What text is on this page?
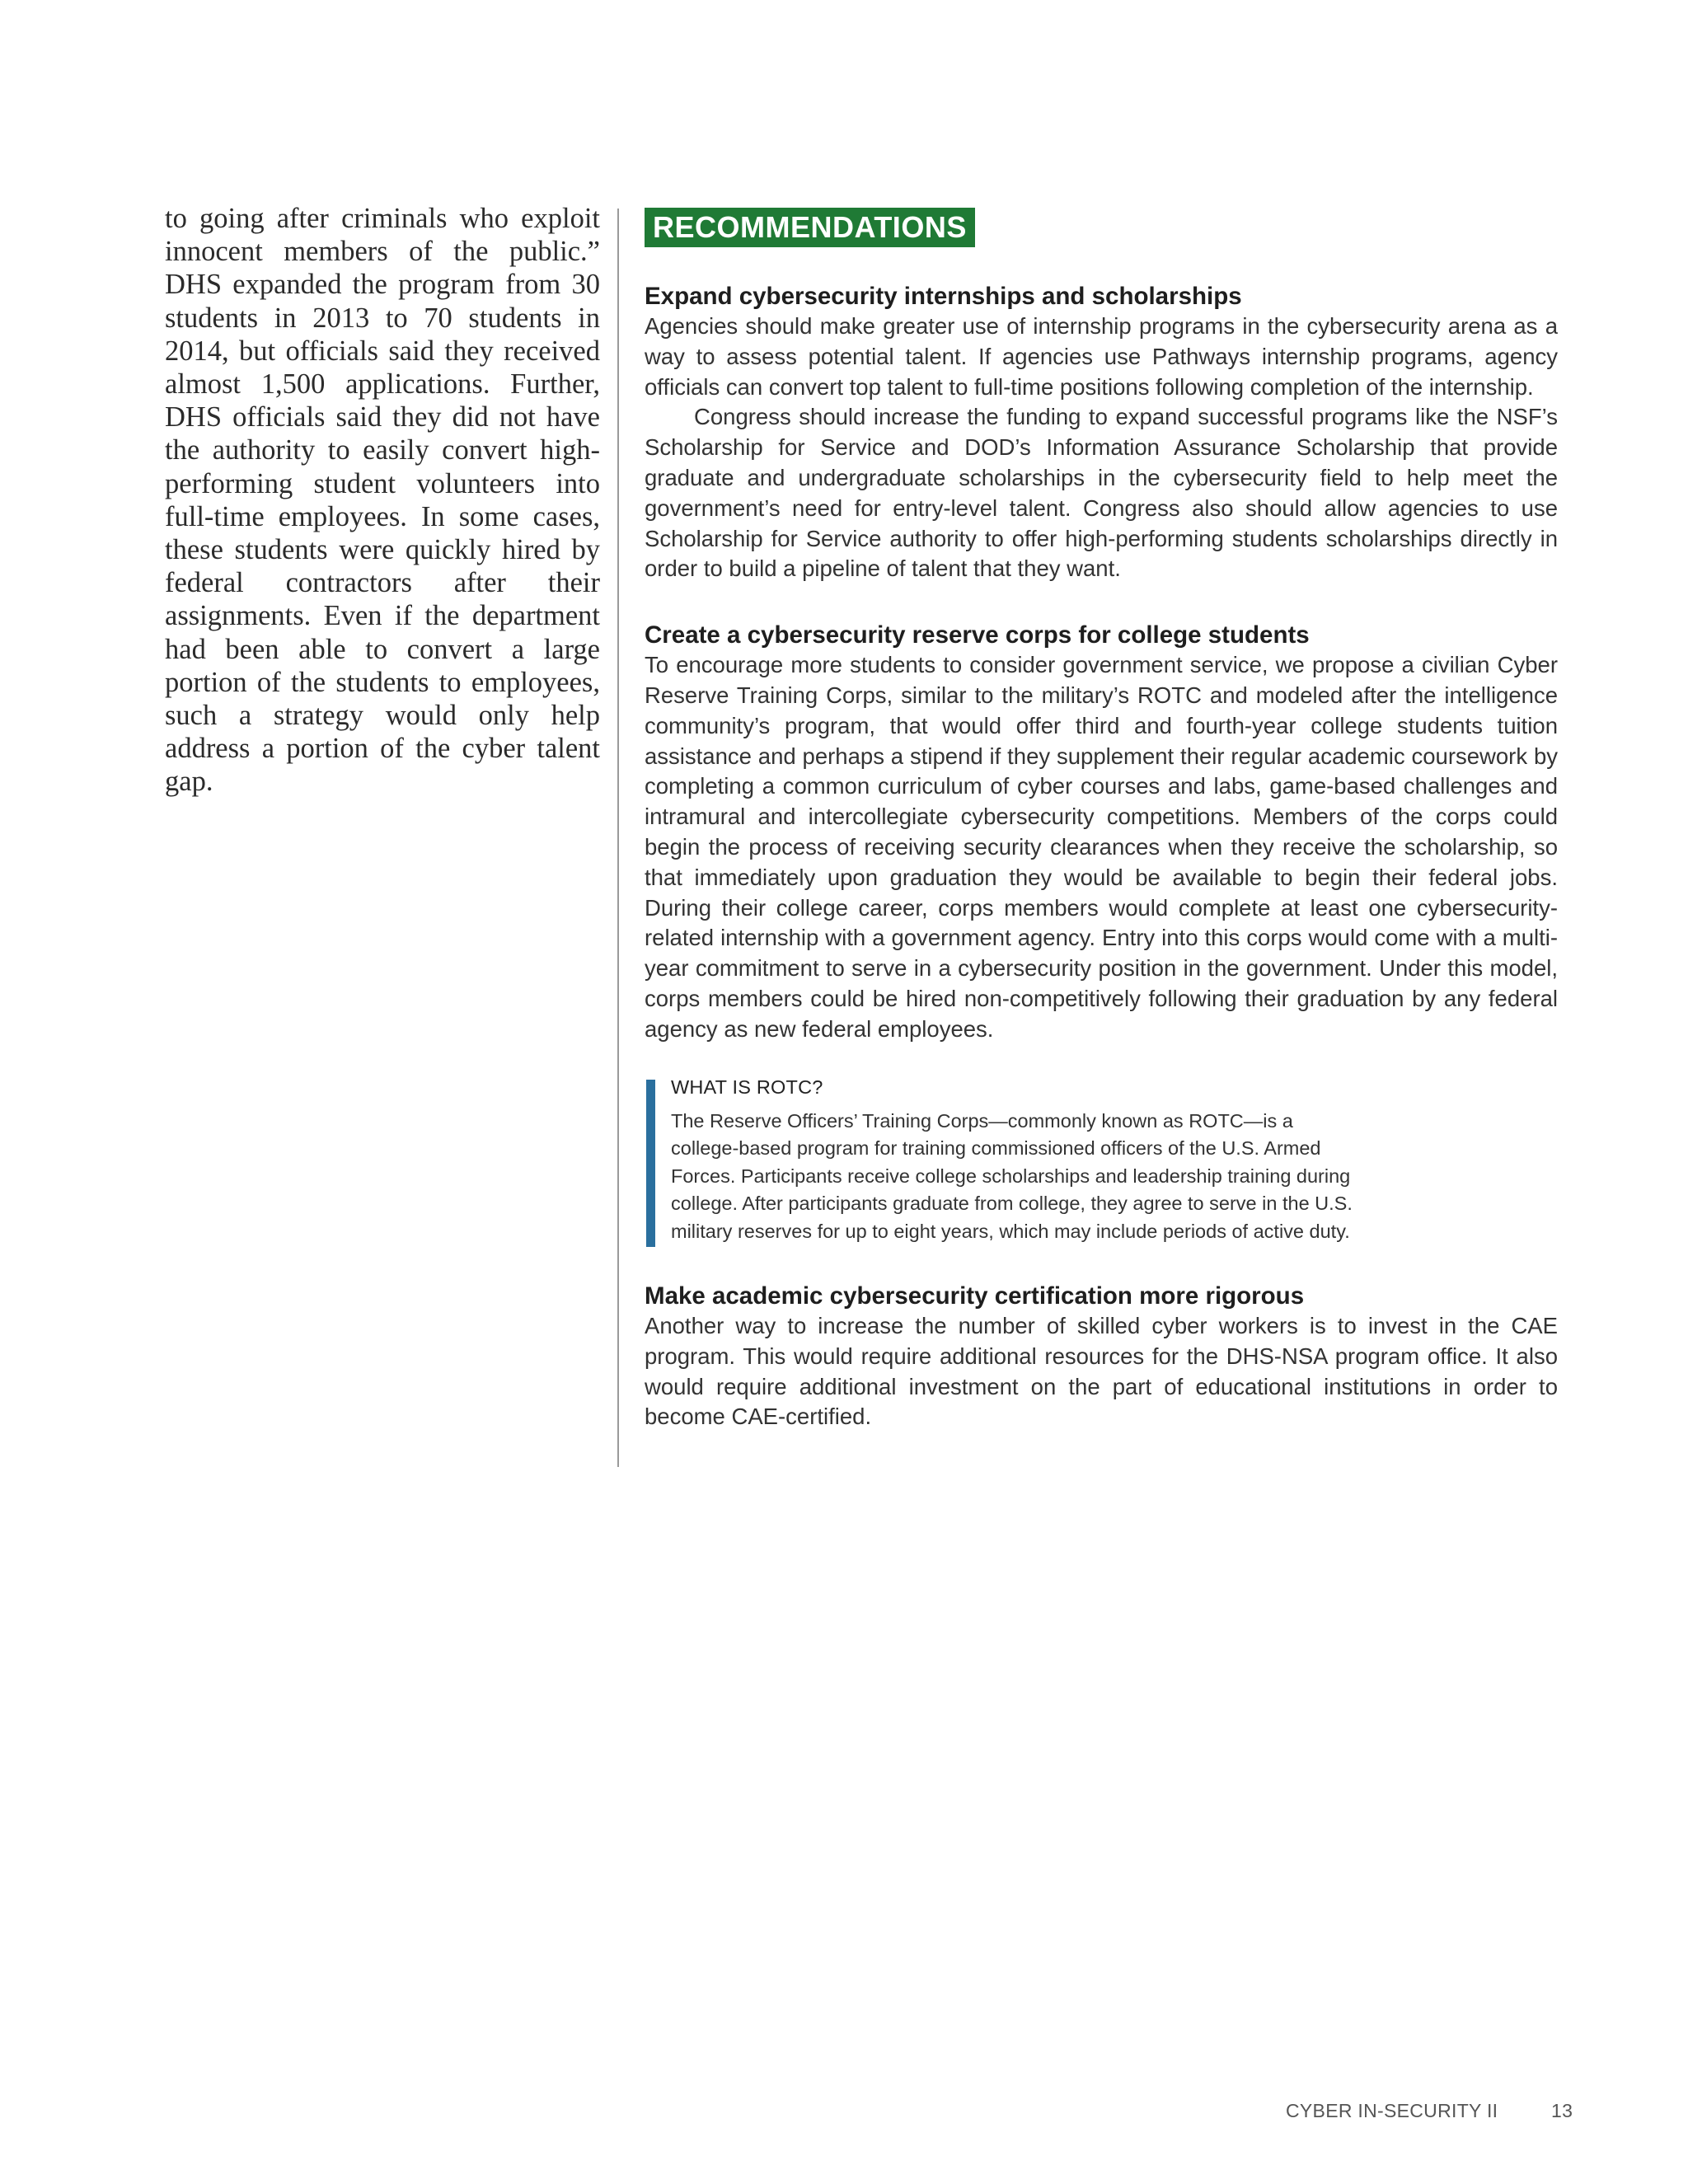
to going after criminals who exploit innocent members of the public.” DHS expanded the program from 30 students in 2013 to 70 students in 2014, but officials said they received almost 1,500 applications. Further, DHS officials said they did not have the authority to easily convert high-performing student volunteers into full-time employees. In some cases, these students were quickly hired by federal contractors after their assignments. Even if the department had been able to convert a large portion of the students to employees, such a strategy would only help address a portion of the cyber talent gap.
RECOMMENDATIONS

Expand cybersecurity internships and scholarships

Agencies should make greater use of internship programs in the cybersecurity arena as a way to assess potential talent. If agencies use Pathways internship programs, agency officials can convert top talent to full-time positions following completion of the internship.

Congress should increase the funding to expand successful programs like the NSF’s Scholarship for Service and DOD’s Information Assurance Scholarship that provide graduate and undergraduate scholarships in the cybersecurity field to help meet the government’s need for entry-level talent. Congress also should allow agencies to use Scholarship for Service authority to offer high-performing students scholarships directly in order to build a pipeline of talent that they want.

Create a cybersecurity reserve corps for college students

To encourage more students to consider government service, we propose a civilian Cyber Reserve Training Corps, similar to the military’s ROTC and modeled after the intelligence community’s program, that would offer third and fourth-year college students tuition assistance and perhaps a stipend if they supplement their regular academic coursework by completing a common curriculum of cyber courses and labs, game-based challenges and intramural and intercollegiate cybersecurity competitions. Members of the corps could begin the process of receiving security clearances when they receive the scholarship, so that immediately upon graduation they would be available to begin their federal jobs. During their college career, corps members would complete at least one cybersecurity-related internship with a government agency. Entry into this corps would come with a multi-year commitment to serve in a cybersecurity position in the government. Under this model, corps members could be hired non-competitively following their graduation by any federal agency as new federal employees.

WHAT IS ROTC?

The Reserve Officers’ Training Corps—commonly known as ROTC—is a
college-based program for training commissioned officers of the U.S. Armed
Forces. Participants receive college scholarships and leadership training during
college. After participants graduate from college, they agree to serve in the U.S.
military reserves for up to eight years, which may include periods of active duty.

Make academic cybersecurity certification more rigorous

Another way to increase the number of skilled cyber workers is to invest in the CAE program. This would require additional resources for the DHS-NSA program office. It also would require additional investment on the part of educational institutions in order to become CAE-certified.

CYBER IN-SECURITY II	13
